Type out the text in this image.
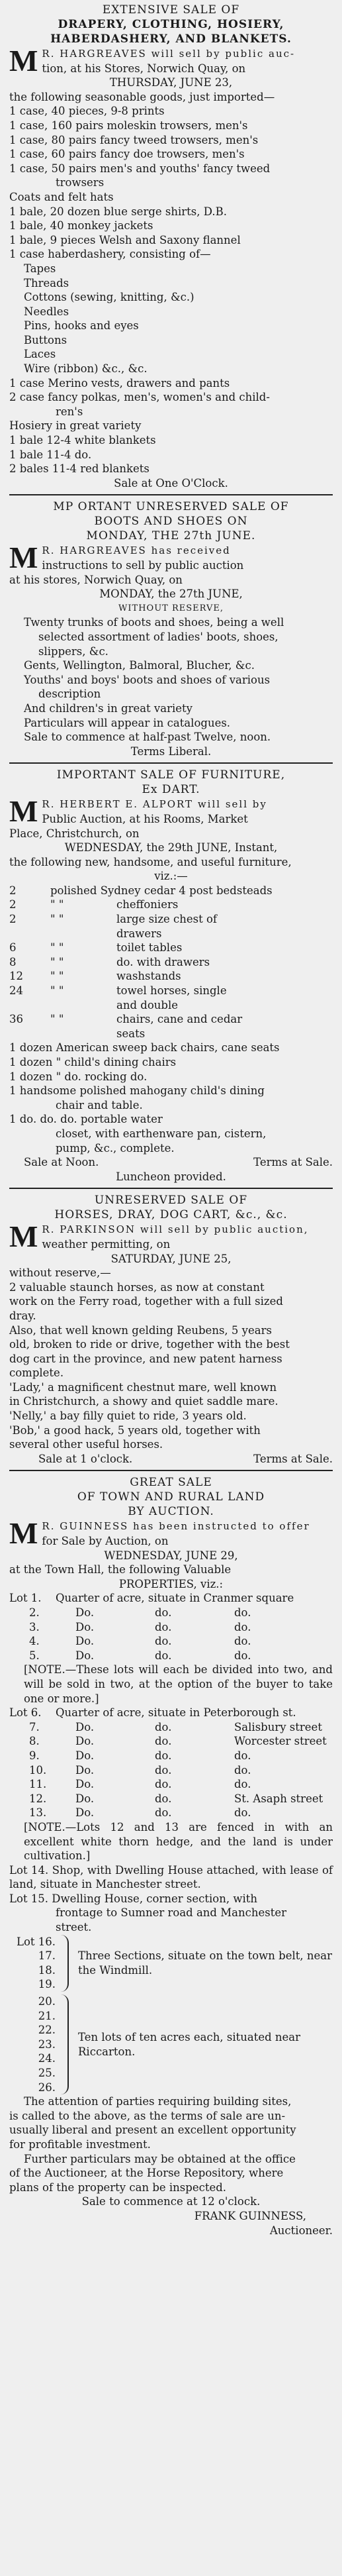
EXTENSIVE SALE OF
DRAPERY, CLOTHING, HOSIERY,
HABERDASHERY, AND BLANKETS.
M R. HARGREAVES will sell by public auc-
tion, at his Stores, Norwich Quay, on
THURSDAY, JUNE 23,
the following seasonable goods, just imported—
1 case, 40 pieces, 9-8 prints
1 case, 160 pairs moleskin trowsers, men's
1 case, 80 pairs fancy tweed trowsers, men's
1 case, 60 pairs fancy doe trowsers, men's
1 case, 50 pairs men's and youths' fancy tweed
trowsers
Coats and felt hats
1 bale, 20 dozen blue serge shirts, D.B.
1 bale, 40 monkey jackets
1 bale, 9 pieces Welsh and Saxony flannel
1 case haberdashery, consisting of—
Tapes
Threads
Cottons (sewing, knitting, &c.)
Needles
Pins, hooks and eyes
Buttons
Laces
Wire (ribbon) &c., &c.
1 case Merino vests, drawers and pants
2 case fancy polkas, men's, women's and child-
ren's
Hosiery in great variety
1 bale 12-4 white blankets
1 bale 11-4 do.
2 bales 11-4 red blankets
Sale at One O'Clock.
MP ORTANT UNRESERVED SALE OF
BOOTS AND SHOES ON
MONDAY, THE 27th JUNE.
M R. HARGREAVES has received
instructions to sell by public auction
at his stores, Norwich Quay, on
MONDAY, the 27th JUNE,
WITHOUT RESERVE,
Twenty trunks of boots and shoes, being a well
selected assortment of ladies' boots, shoes,
slippers, &c.
Gents, Wellington, Balmoral, Blucher, &c.
Youths' and boys' boots and shoes of various
description
And children's in great variety
Particulars will appear in catalogues.
Sale to commence at half-past Twelve, noon.
Terms Liberal.
IMPORTANT SALE OF FURNITURE,
Ex DART.
M R. HERBERT E. ALPORT will sell by
Public Auction, at his Rooms, Market
Place, Christchurch, on
WEDNESDAY, the 29th JUNE, Instant,
the following new, handsome, and useful furniture,
viz.:—
2	polished Sydney cedar 4 post bedsteads
2	" "	cheffoniers
2	" "	large size chest of
drawers
6	" "	toilet tables
8	" "	do. with drawers
12	" "	washstands
24	" "	towel horses, single
and double
36	" "	chairs, cane and cedar
seats
1 dozen American sweep back chairs, cane seats
1 dozen " child's dining chairs
1 dozen " do. rocking do.
1 handsome polished mahogany child's dining
chair and table.
1 do. do. do. portable water
closet, with earthenware pan, cistern,
pump, &c., complete.
Sale at Noon.	Terms at Sale.
Luncheon provided.
UNRESERVED SALE OF
HORSES, DRAY, DOG CART, &c., &c.
M R. PARKINSON will sell by public auction,
weather permitting, on
SATURDAY, JUNE 25,
without reserve,—
2 valuable staunch horses, as now at constant
work on the Ferry road, together with a full sized
dray.
Also, that well known gelding Reubens, 5 years
old, broken to ride or drive, together with the best
dog cart in the province, and new patent harness
complete.
'Lady,' a magnificent chestnut mare, well known
in Christchurch, a showy and quiet saddle mare.
'Nelly,' a bay filly quiet to ride, 3 years old.
'Bob,' a good hack, 5 years old, together with
several other useful horses.
Sale at 1 o'clock.	Terms at Sale.
GREAT SALE
OF TOWN AND RURAL LAND
BY AUCTION.
M R. GUINNESS has been instructed to offer
for Sale by Auction, on
WEDNESDAY, JUNE 29,
at the Town Hall, the following Valuable
PROPERTIES, viz.:
Lot 1.	Quarter of acre, situate in Cranmer square
2.	Do.	do.	do.
3.	Do.	do.	do.
4.	Do.	do.	do.
5.	Do.	do.	do.
[NOTE.—These lots will each be divided into two, and will be sold in two, at the option of the buyer to take one or more.]
Lot 6.	Quarter of acre, situate in Peterborough st.
7.	Do.	do.	Salisbury street
8.	Do.	do.	Worcester street
9.	Do.	do.	do.
10.	Do.	do.	do.
11.	Do.	do.	do.
12.	Do.	do.	St. Asaph street
13.	Do.	do.	do.
[NOTE.—Lots 12 and 13 are fenced in with an excellent white thorn hedge, and the land is under cultivation.]
Lot 14. Shop, with Dwelling House attached, with lease of land, situate in Manchester street.
Lot 15. Dwelling House, corner section, with
frontage to Sumner road and Manchester
street.
Lot 16.
17.
18.
19.
Three Sections, situate on the town belt, near the Windmill.
20.
21.
22.
23.
24.
25.
26.
Ten lots of ten acres each, situated near Riccarton.
The attention of parties requiring building sites,
is called to the above, as the terms of sale are un-
usually liberal and present an excellent opportunity
for profitable investment.
Further particulars may be obtained at the office
of the Auctioneer, at the Horse Repository, where
plans of the property can be inspected.
Sale to commence at 12 o'clock.
FRANK GUINNESS,
Auctioneer.
